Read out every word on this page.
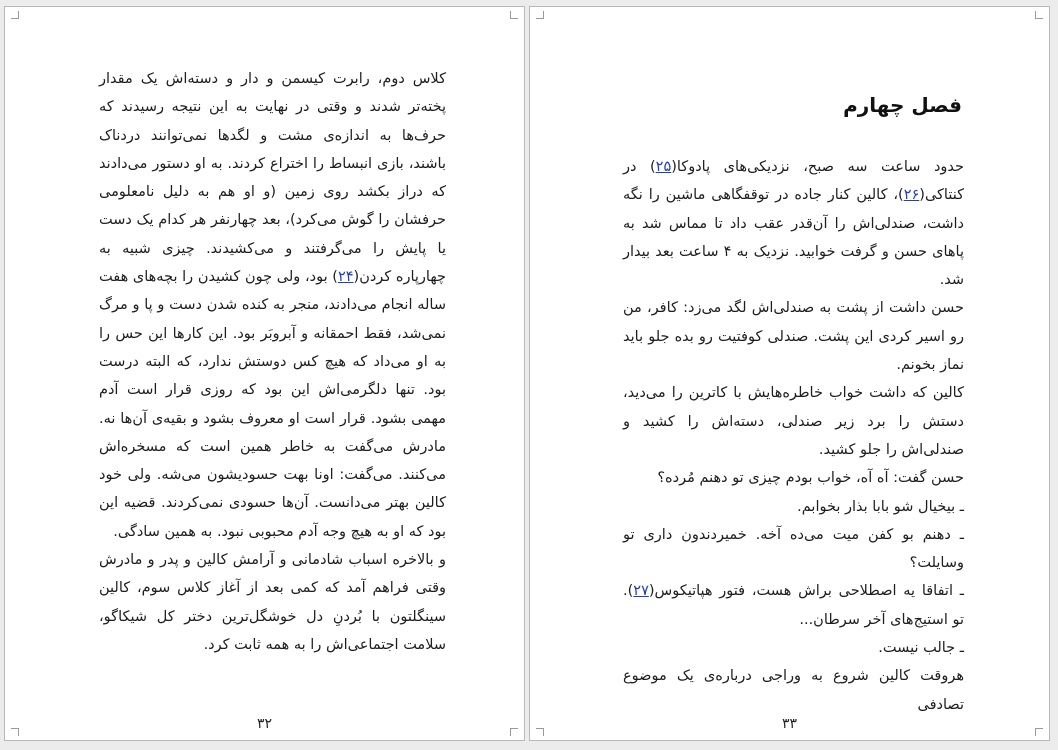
کلاس دوم، رابرت کیسمن و دار و دسته‌اش یک مقدار پخته‌تر شدند و وقتی در نهایت به این نتیجه رسیدند که حرف‌ها به اندازه‌ی مشت و لگدها نمی‌توانند دردناک باشند، بازی انبساط را اختراع کردند. به او دستور می‌دادند که دراز بکشد روی زمین (و او هم به دلیل نامعلومی حرفشان را گوش می‌کرد)، بعد چهارنفر هر کدام یک دست یا پایش را می‌گرفتند و می‌کشیدند. چیزی شبیه به چهارپاره کردن(۲۴) بود، ولی چون کشیدن را بچه‌های هفت ساله انجام می‌دادند، منجر به کنده شدن دست و پا و مرگ نمی‌شد، فقط احمقانه و آبروبَر بود. این کارها این حس را به او می‌داد که هیچ کس دوستش ندارد، که البته درست بود. تنها دلگرمی‌اش این بود که روزی قرار است آدم مهمی بشود. قرار است او معروف بشود و بقیه‌ی آن‌ها نه. مادرش می‌گفت به خاطر همین است که مسخره‌اش می‌کنند. می‌گفت: اونا بهت حسودیشون می‌شه. ولی خود کالین بهتر می‌دانست. آن‌ها حسودی نمی‌کردند. قضیه این بود که او به هیچ وجه آدم محبوبی نبود. به همین سادگی.

و بالاخره اسباب شادمانی و آرامش کالین و پدر و مادرش وقتی فراهم آمد که کمی بعد از آغاز کلاس سوم، کالین سینگلتون با بُردنِ دل خوشگل‌ترین دختر کل شیکاگو، سلامت اجتماعی‌اش را به همه ثابت کرد.

۳۲
فصل چهارم

حدود ساعت سه صبح، نزدیکی‌های پادوکا(۲۵) در کنتاکی(۲۶)، کالین کنار جاده در توقفگاهی ماشین را نگه داشت، صندلی‌اش را آن‌قدر عقب داد تا مماس شد به پاهای حسن و گرفت خوابید. نزدیک به ۴ ساعت بعد بیدار شد.

حسن داشت از پشت به صندلی‌اش لگد می‌زد: کافر، من رو اسیر کردی این پشت. صندلی کوفتیت رو بده جلو باید نماز بخونم.

کالین که داشت خواب خاطره‌هایش با کاترین را می‌دید، دستش را برد زیر صندلی، دسته‌اش را کشید و صندلی‌اش را جلو کشید.

حسن گفت: آه آه، خواب بودم چیزی تو دهنم مُرده؟

ـ بیخیال شو بابا بذار بخوابم.

ـ دهنم بو کفن میت می‌ده آخه. خمیردندون داری تو وسایلت؟

ـ اتفاقا یه اصطلاحی براش هست، فتور هپاتیکوس(۲۷). تو استیج‌های آخر سرطان...

ـ جالب نیست.

هروقت کالین شروع به وراجی درباره‌ی یک موضوع تصادفی

۳۳
